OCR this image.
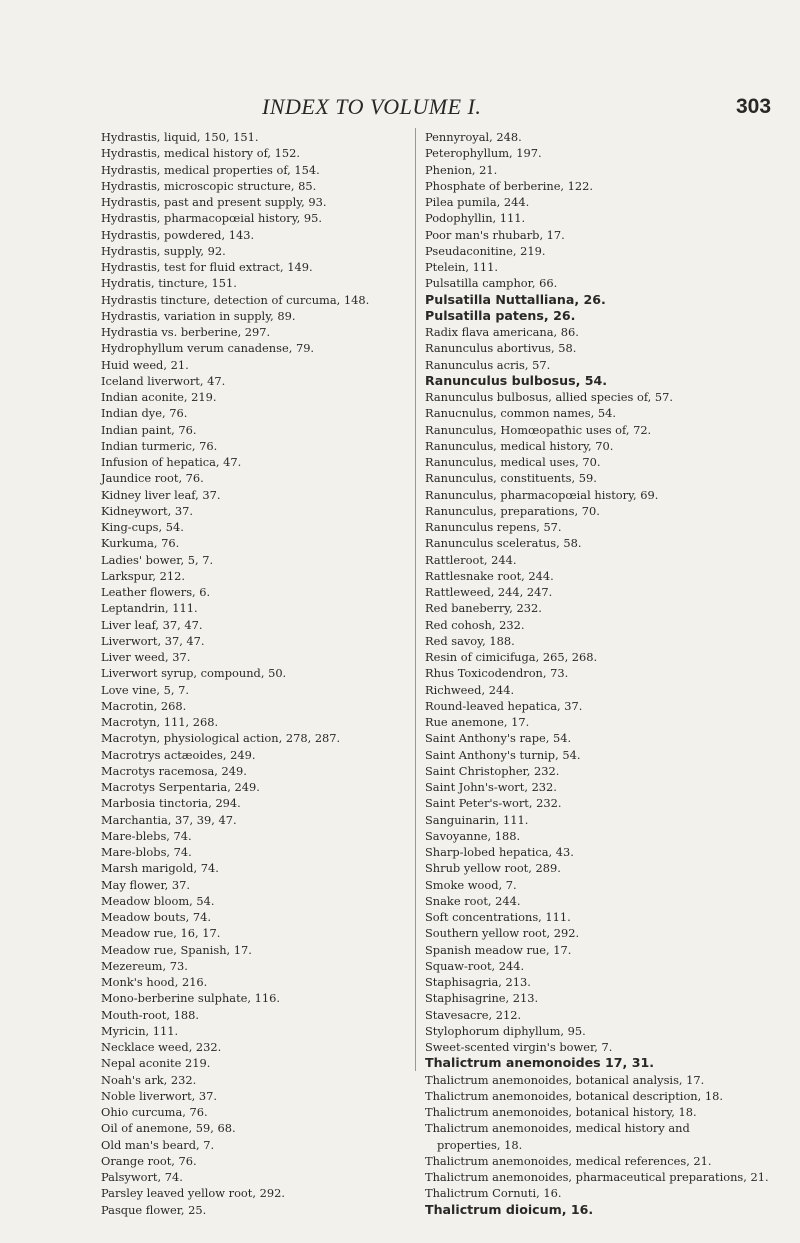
INDEX TO VOLUME I.	303
Hydrastis, liquid, 150, 151.
Hydrastis, medical history of, 152.
Hydrastis, medical properties of, 154.
Hydrastis, microscopic structure, 85.
Hydrastis, past and present supply, 93.
Hydrastis, pharmacopœial history, 95.
Hydrastis, powdered, 143.
Hydrastis, supply, 92.
Hydrastis, test for fluid extract, 149.
Hydratis, tincture, 151.
Hydrastis tincture, detection of curcuma, 148.
Hydrastis, variation in supply, 89.
Hydrastia vs. berberine, 297.
Hydrophyllum verum canadense, 79.
Huid weed, 21.
Iceland liverwort, 47.
Indian aconite, 219.
Indian dye, 76.
Indian paint, 76.
Indian turmeric, 76.
Infusion of hepatica, 47.
Jaundice root, 76.
Kidney liver leaf, 37.
Kidneywort, 37.
King-cups, 54.
Kurkuma, 76.
Ladies' bower, 5, 7.
Larkspur, 212.
Leather flowers, 6.
Leptandrin, 111.
Liver leaf, 37, 47.
Liverwort, 37, 47.
Liver weed, 37.
Liverwort syrup, compound, 50.
Love vine, 5, 7.
Macrotin, 268.
Macrotyn, 111, 268.
Macrotyn, physiological action, 278, 287.
Macrotrys actæoides, 249.
Macrotys racemosa, 249.
Macrotys Serpentaria, 249.
Marbosia tinctoria, 294.
Marchantia, 37, 39, 47.
Mare-blebs, 74.
Mare-blobs, 74.
Marsh marigold, 74.
May flower, 37.
Meadow bloom, 54.
Meadow bouts, 74.
Meadow rue, 16, 17.
Meadow rue, Spanish, 17.
Mezereum, 73.
Monk's hood, 216.
Mono-berberine sulphate, 116.
Mouth-root, 188.
Myricin, 111.
Necklace weed, 232.
Nepal aconite 219.
Noah's ark, 232.
Noble liverwort, 37.
Ohio curcuma, 76.
Oil of anemone, 59, 68.
Old man's beard, 7.
Orange root, 76.
Palsywort, 74.
Parsley leaved yellow root, 292.
Pasque flower, 25.
Pennyroyal, 248.
Peterophyllum, 197.
Phenion, 21.
Phosphate of berberine, 122.
Pilea pumila, 244.
Podophyllin, 111.
Poor man's rhubarb, 17.
Pseudaconitine, 219.
Ptelein, 111.
Pulsatilla camphor, 66.
Pulsatilla Nuttalliana, 26.
Pulsatilla patens, 26.
Radix flava americana, 86.
Ranunculus abortivus, 58.
Ranunculus acris, 57.
Ranunculus bulbosus, 54.
Ranunculus bulbosus, allied species of, 57.
Ranucnulus, common names, 54.
Ranunculus, Homœopathic uses of, 72.
Ranunculus, medical history, 70.
Ranunculus, medical uses, 70.
Ranunculus, constituents, 59.
Ranunculus, pharmacopœial history, 69.
Ranunculus, preparations, 70.
Ranunculus repens, 57.
Ranunculus sceleratus, 58.
Rattleroot, 244.
Rattlesnake root, 244.
Rattleweed, 244, 247.
Red baneberry, 232.
Red cohosh, 232.
Red savoy, 188.
Resin of cimicifuga, 265, 268.
Rhus Toxicodendron, 73.
Richweed, 244.
Round-leaved hepatica, 37.
Rue anemone, 17.
Saint Anthony's rape, 54.
Saint Anthony's turnip, 54.
Saint Christopher, 232.
Saint John's-wort, 232.
Saint Peter's-wort, 232.
Sanguinarin, 111.
Savoyanne, 188.
Sharp-lobed hepatica, 43.
Shrub yellow root, 289.
Smoke wood, 7.
Snake root, 244.
Soft concentrations, 111.
Southern yellow root, 292.
Spanish meadow rue, 17.
Squaw-root, 244.
Staphisagria, 213.
Staphisagrine, 213.
Stavesacre, 212.
Stylophorum diphyllum, 95.
Sweet-scented virgin's bower, 7.
Thalictrum anemonoides 17, 31.
Thalictrum anemonoides, botanical analysis, 17.
Thalictrum anemonoides, botanical description, 18.
Thalictrum anemonoides, botanical history, 18.
Thalictrum anemonoides, medical history and properties, 18.
Thalictrum anemonoides, medical references, 21.
Thalictrum anemonoides, pharmaceutical preparations, 21.
Thalictrum Cornuti, 16.
Thalictrum dioicum, 16.
